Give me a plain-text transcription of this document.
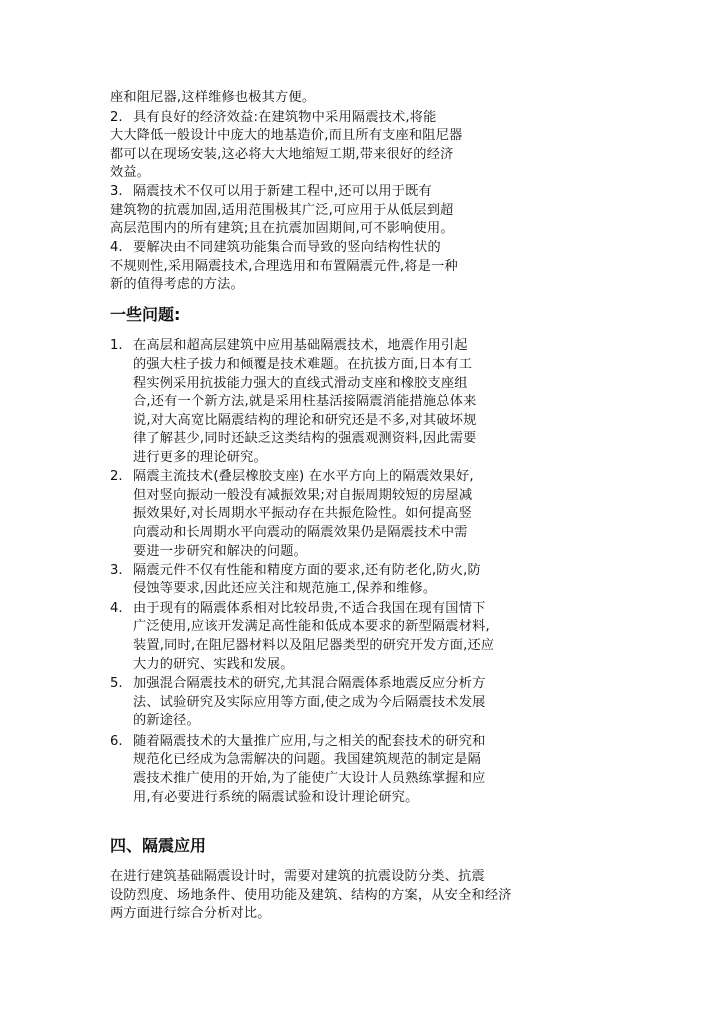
座和阻尼器,这样维修也极其方便。
2. 具有良好的经济效益:在建筑物中采用隔震技术,将能
大大降低一般设计中庞大的地基造价,而且所有支座和阻尼器
都可以在现场安装,这必将大大地缩短工期,带来很好的经济
效益。
3. 隔震技术不仅可以用于新建工程中,还可以用于既有
建筑物的抗震加固,适用范围极其广泛,可应用于从低层到超
高层范围内的所有建筑;且在抗震加固期间,可不影响使用。
4. 要解决由不同建筑功能集合而导致的竖向结构性状的
不规则性,采用隔震技术,合理选用和布置隔震元件,将是一种
新的值得考虑的方法。
一些问题:
1. 在高层和超高层建筑中应用基础隔震技术，地震作用引起
的强大柱子拔力和倾覆是技术难题。在抗拔方面,日本有工
程实例采用抗拔能力强大的直线式滑动支座和橡胶支座组
合,还有一个新方法,就是采用柱基活接隔震消能措施总体来
说,对大高宽比隔震结构的理论和研究还是不多,对其破坏规
律了解甚少,同时还缺乏这类结构的强震观测资料,因此需要
进行更多的理论研究。
2. 隔震主流技术(叠层橡胶支座) 在水平方向上的隔震效果好,
但对竖向振动一般没有减振效果;对自振周期较短的房屋减
振效果好,对长周期水平振动存在共振危险性。如何提高竖
向震动和长周期水平向震动的隔震效果仍是隔震技术中需
要进一步研究和解决的问题。
3. 隔震元件不仅有性能和精度方面的要求,还有防老化,防火,防
侵蚀等要求,因此还应关注和规范施工,保养和维修。
4. 由于现有的隔震体系相对比较昂贵,不适合我国在现有国情下
广泛使用,应该开发满足高性能和低成本要求的新型隔震材料,
装置,同时,在阻尼器材料以及阻尼器类型的研究开发方面,还应
大力的研究、实践和发展。
5. 加强混合隔震技术的研究,尤其混合隔震体系地震反应分析方
法、试验研究及实际应用等方面,使之成为今后隔震技术发展
的新途径。
6. 随着隔震技术的大量推广应用,与之相关的配套技术的研究和
规范化已经成为急需解决的问题。我国建筑规范的制定是隔
震技术推广使用的开始,为了能使广大设计人员熟练掌握和应
用,有必要进行系统的隔震试验和设计理论研究。
四、隔震应用
在进行建筑基础隔震设计时，需要对建筑的抗震设防分类、抗震
设防烈度、场地条件、使用功能及建筑、结构的方案，从安全和经济
两方面进行综合分析对比。
